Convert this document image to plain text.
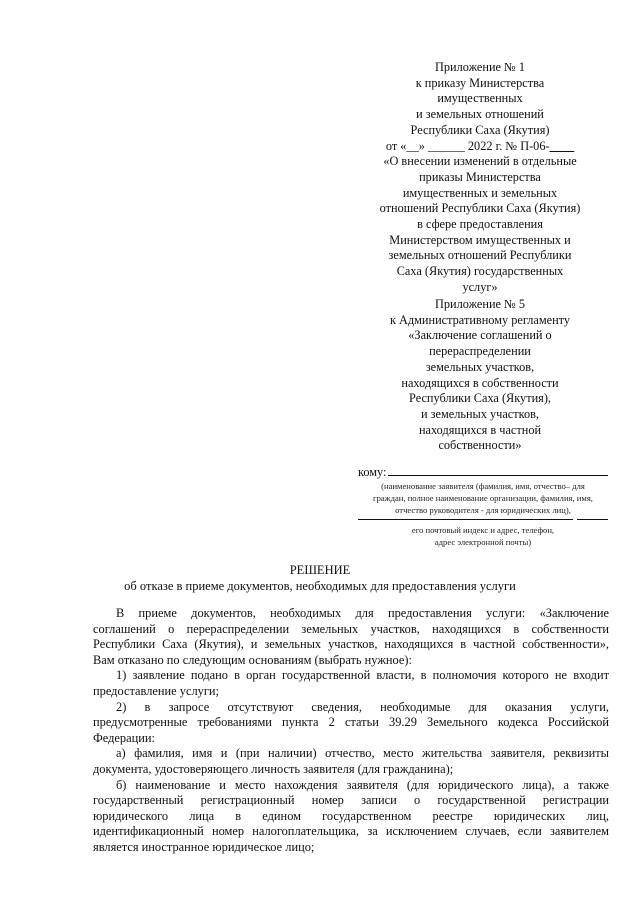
Приложение № 1
к приказу Министерства
имущественных
и земельных отношений
Республики Саха (Якутия)
от «__» ______ 2022 г. № П-06-____
«О внесении изменений в отдельные
приказы Министерства
имущественных и земельных
отношений Республики Саха (Якутия)
в сфере предоставления
Министерством имущественных и
земельных отношений Республики
Саха (Якутия) государственных
услуг»
Приложение № 5
к Административному регламенту
«Заключение соглашений о
перераспределении
земельных участков,
находящихся в собственности
Республики Саха (Якутия),
и земельных участков,
находящихся в частной
собственности»
кому:
(наименование заявителя (фамилия, имя, отчество– для
граждан, полное наименование организации, фамилия, имя,
отчество руководителя - для юридических лиц),
его почтовый индекс и адрес, телефон,
адрес электронной почты)
РЕШЕНИЕ
об отказе в приеме документов, необходимых для предоставления услуги

В приеме документов, необходимых для предоставления услуги: «Заключение

соглашений о перераспределении земельных участков, находящихся в собственности

Республики Саха (Якутия), и земельных участков, находящихся в частной собственности»,

Вам отказано по следующим основаниям (выбрать нужное):

1) заявление подано в орган государственной власти, в полномочия которого не входит

предоставление услуги;

2) в запросе отсутствуют сведения, необходимые для оказания услуги,

предусмотренные требованиями пункта 2 статьи 39.29 Земельного кодекса Российской

Федерации:

а) фамилия, имя и (при наличии) отчество, место жительства заявителя, реквизиты

документа, удостоверяющего личность заявителя (для гражданина);

б) наименование и место нахождения заявителя (для юридического лица), а также

государственный регистрационный номер записи о государственной регистрации

юридического лица в едином государственном реестре юридических лиц,

идентификационный номер налогоплательщика, за исключением случаев, если заявителем

является иностранное юридическое лицо;
